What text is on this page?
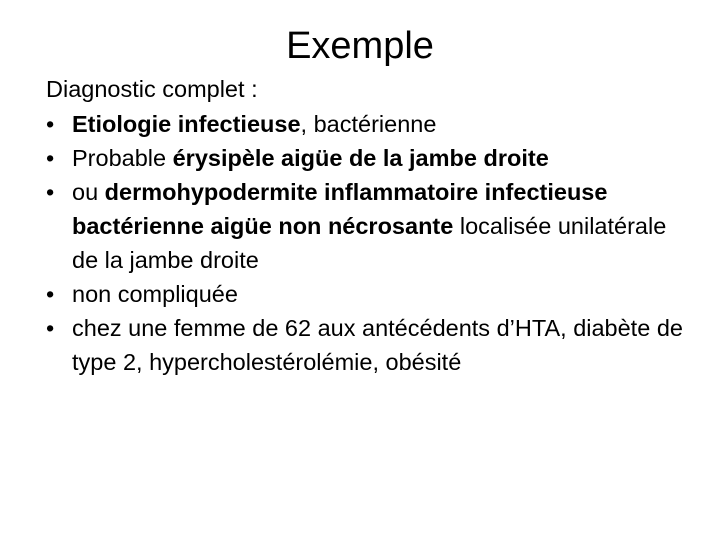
Exemple
Diagnostic complet :
• Etiologie infectieuse, bactérienne
• Probable érysipèle aigüe de la jambe droite
• ou dermohypodermite inflammatoire infectieuse bactérienne aigüe non nécrosante localisée unilatérale de la jambe droite
• non compliquée
• chez une femme de 62 aux antécédents d’HTA, diabète de type 2, hypercholestérolémie, obésité
